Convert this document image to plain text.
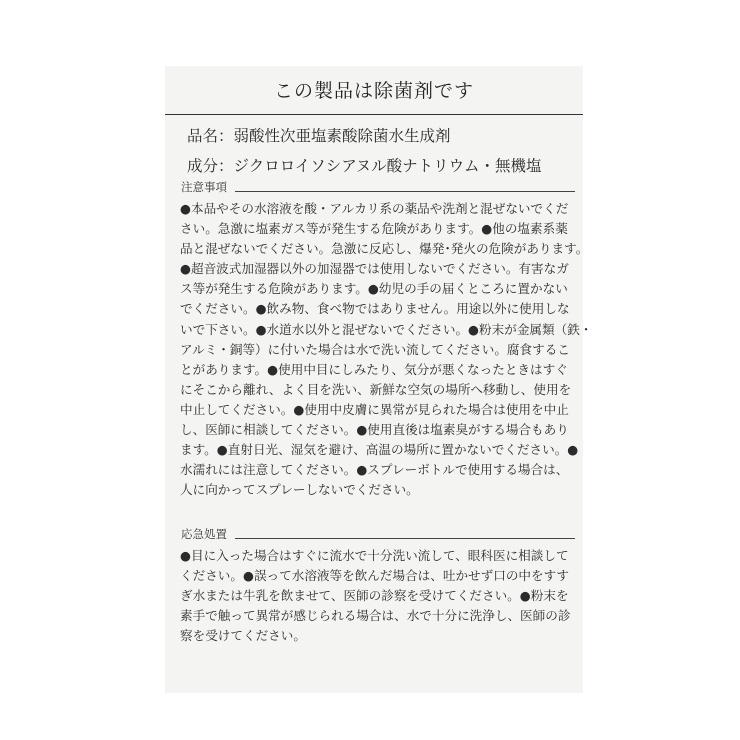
この製品は除菌剤です
品名：弱酸性次亜塩素酸除菌水生成剤
成分：ジクロロイソシアヌル酸ナトリウム・無機塩
注意事項
●本品やその水溶液を酸・アルカリ系の薬品や洗剤と混ぜないでくだ
さい。急激に塩素ガス等が発生する危険があります。●他の塩素系薬
品と混ぜないでください。急激に反応し、爆発･発火の危険があります。
●超音波式加湿器以外の加湿器では使用しないでください。有害なガ
ス等が発生する危険があります。●幼児の手の届くところに置かない
でください。●飲み物、食べ物ではありません。用途以外に使用しな
いで下さい。●水道水以外と混ぜないでください。●粉末が金属類（鉄・
アルミ・銅等）に付いた場合は水で洗い流してください。腐食するこ
とがあります。●使用中目にしみたり、気分が悪くなったときはすぐ
にそこから離れ、よく目を洗い、新鮮な空気の場所へ移動し、使用を
中止してください。●使用中皮膚に異常が見られた場合は使用を中止
し、医師に相談してください。●使用直後は塩素臭がする場合もあり
ます。●直射日光、湿気を避け、高温の場所に置かないでください。●
水濡れには注意してください。●スプレーボトルで使用する場合は、
人に向かってスプレーしないでください。
応急処置
●目に入った場合はすぐに流水で十分洗い流して、眼科医に相談して
ください。●誤って水溶液等を飲んだ場合は、吐かせず口の中をすす
ぎ水または牛乳を飲ませて、医師の診察を受けてください。●粉末を
素手で触って異常が感じられる場合は、水で十分に洗浄し、医師の診
察を受けてください。
